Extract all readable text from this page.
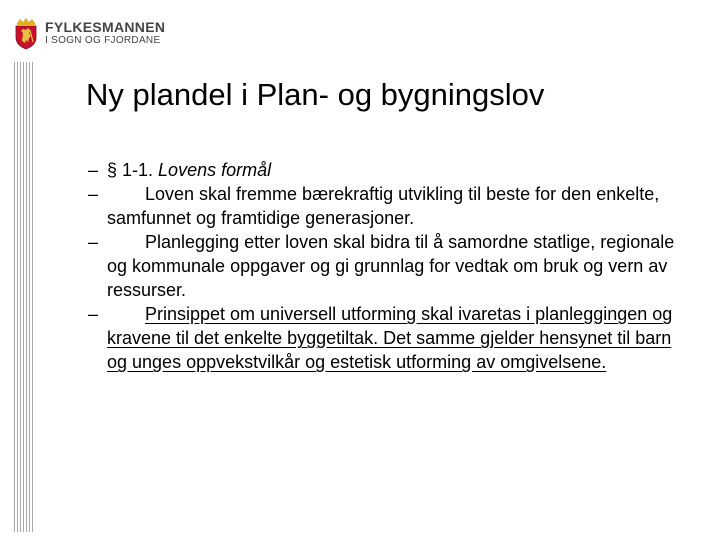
FYLKESMANNEN
I SOGN OG FJORDANE
Ny plandel i Plan- og bygningslov
– § 1-1. Lovens formål
–	Loven skal fremme bærekraftig utvikling til beste for den enkelte, samfunnet og framtidige generasjoner.
–	Planlegging etter loven skal bidra til å samordne statlige, regionale og kommunale oppgaver og gi grunnlag for vedtak om bruk og vern av ressurser.
–	Prinsippet om universell utforming skal ivaretas i planleggingen og kravene til det enkelte byggetiltak. Det samme gjelder hensynet til barn og unges oppvekstvilkår og estetisk utforming av omgivelsene.
